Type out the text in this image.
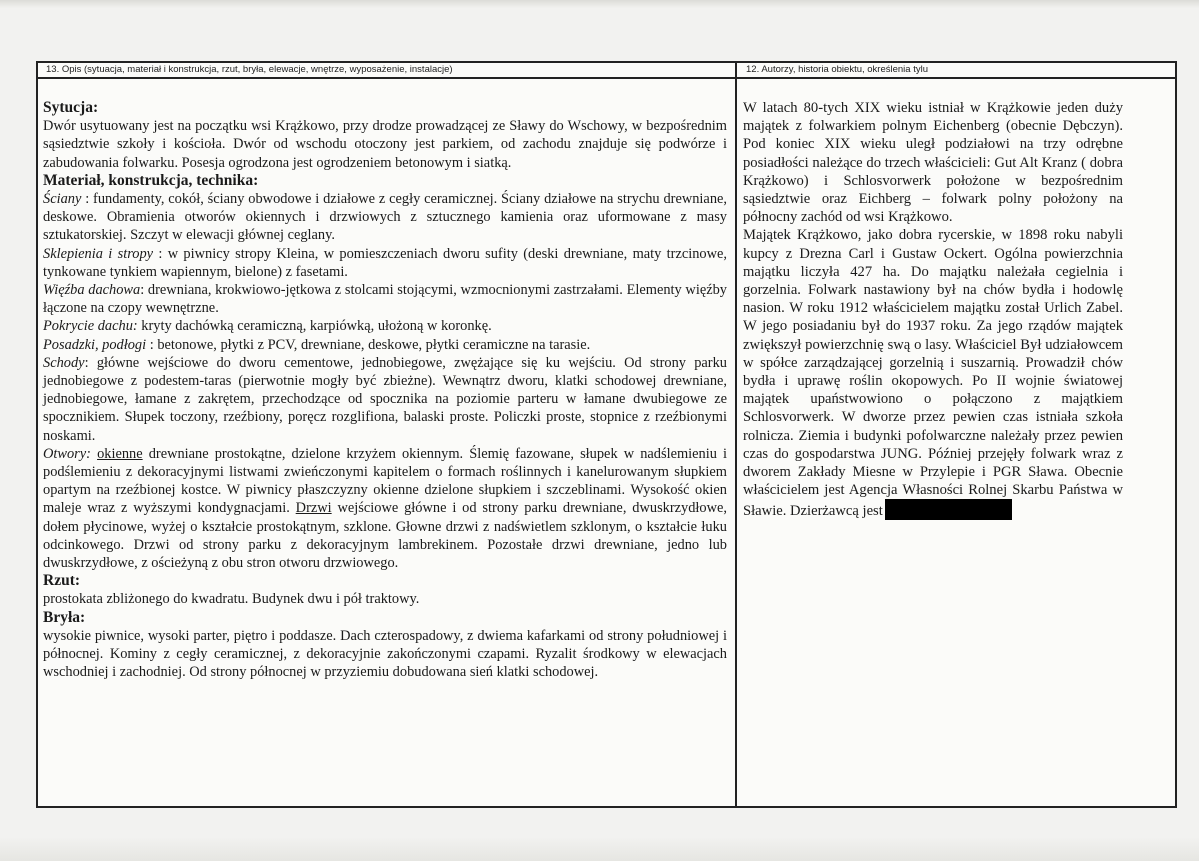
13. Opis (sytuacja, materiał i konstrukcja, rzut, bryła, elewacje, wnętrze, wyposażenie, instalacje)	12. Autorzy, historia obiektu, określenia tylu

Sytucja:

Dwór usytuowany jest na początku wsi Krążkowo, przy drodze prowadzącej ze Sławy do Wschowy, w bezpośrednim sąsiedztwie szkoły i kościoła. Dwór od wschodu otoczony jest parkiem, od zachodu znajduje się podwórze i zabudowania folwarku. Posesja ogrodzona jest ogrodzeniem betonowym i siatką.

Materiał, konstrukcja, technika:

Ściany : fundamenty, cokół, ściany obwodowe i działowe z cegły ceramicznej. Ściany działowe na strychu drewniane, deskowe. Obramienia otworów okiennych i drzwiowych z sztucznego kamienia oraz uformowane z masy sztukatorskiej. Szczyt w elewacji głównej ceglany.

Sklepienia i stropy : w piwnicy stropy Kleina, w pomieszczeniach dworu sufity (deski drewniane, maty trzcinowe, tynkowane tynkiem wapiennym, bielone) z fasetami.

Więźba dachowa: drewniana, krokwiowo-jętkowa z stolcami stojącymi, wzmocnionymi zastrzałami. Elementy więźby łączone na czopy wewnętrzne.

Pokrycie dachu: kryty dachówką ceramiczną, karpiówką, ułożoną w koronkę.

Posadzki, podłogi : betonowe, płytki z PCV, drewniane, deskowe, płytki ceramiczne na tarasie.

Schody: główne wejściowe do dworu cementowe, jednobiegowe, zwężające się ku wejściu. Od strony parku jednobiegowe z podestem-taras (pierwotnie mogły być zbieżne). Wewnątrz dworu, klatki schodowej drewniane, jednobiegowe, łamane z zakrętem, przechodzące od spocznika na poziomie parteru w łamane dwubiegowe ze spocznikiem. Słupek toczony, rzeźbiony, poręcz rozglifiona, balaski proste. Policzki proste, stopnice z rzeźbionymi noskami.

Otwory: okienne drewniane prostokątne, dzielone krzyżem okiennym. Ślemię fazowane, słupek w nadślemieniu i podślemieniu z dekoracyjnymi listwami zwieńczonymi kapitelem o formach roślinnych i kanelurowanym słupkiem opartym na rzeźbionej kostce. W piwnicy płaszczyzny okienne dzielone słupkiem i szczeblinami. Wysokość okien maleje wraz z wyższymi kondygnacjami. Drzwi wejściowe główne i od strony parku drewniane, dwuskrzydłowe, dołem płycinowe, wyżej o kształcie prostokątnym, szklone. Głowne drzwi z nadświetlem szklonym, o kształcie łuku odcinkowego. Drzwi od strony parku z dekoracyjnym lambrekinem. Pozostałe drzwi drewniane, jedno lub dwuskrzydłowe, z ościeżyną z obu stron otworu drzwiowego.

Rzut:

prostokata zbliżonego do kwadratu. Budynek dwu i pół traktowy.

Bryła:

wysokie piwnice, wysoki parter, piętro i poddasze. Dach czterospadowy, z dwiema kafarkami od strony południowej i północnej. Kominy z cegły ceramicznej, z dekoracyjnie zakończonymi czapami. Ryzalit środkowy w elewacjach wschodniej i zachodniej. Od strony północnej w przyziemiu dobudowana sień klatki schodowej.

W latach 80-tych XIX wieku istniał w Krążkowie jeden duży majątek z folwarkiem polnym Eichenberg (obecnie Dębczyn). Pod koniec XIX wieku uległ podziałowi na trzy odrębne posiadłości należące do trzech właścicieli: Gut Alt Kranz ( dobra Krążkowo) i Schlosvorwerk położone w bezpośrednim sąsiedztwie oraz Eichberg – folwark polny położony na północny zachód od wsi Krążkowo.

Majątek Krążkowo, jako dobra rycerskie, w 1898 roku nabyli kupcy z Drezna Carl i Gustaw Ockert. Ogólna powierzchnia majątku liczyła 427 ha. Do majątku należała cegielnia i gorzelnia. Folwark nastawiony był na chów bydła i hodowlę nasion. W roku 1912 właścicielem majątku został Urlich Zabel. W jego posiadaniu był do 1937 roku. Za jego rządów majątek zwiększył powierzchnię swą o lasy. Właściciel Był udziałowcem w spółce zarządzającej gorzelnią i suszarnią. Prowadził chów bydła i uprawę roślin okopowych. Po II wojnie światowej majątek upaństwowiono o połączono z majątkiem Schlosvorwerk. W dworze przez pewien czas istniała szkoła rolnicza. Ziemia i budynki pofolwarczne należały przez pewien czas do gospodarstwa JUNG. Później przejęły folwark wraz z dworem Zakłady Miesne w Przylepie i PGR Sława. Obecnie właścicielem jest Agencja Własności Rolnej Skarbu Państwa w Sławie. Dzierżawcą jest
